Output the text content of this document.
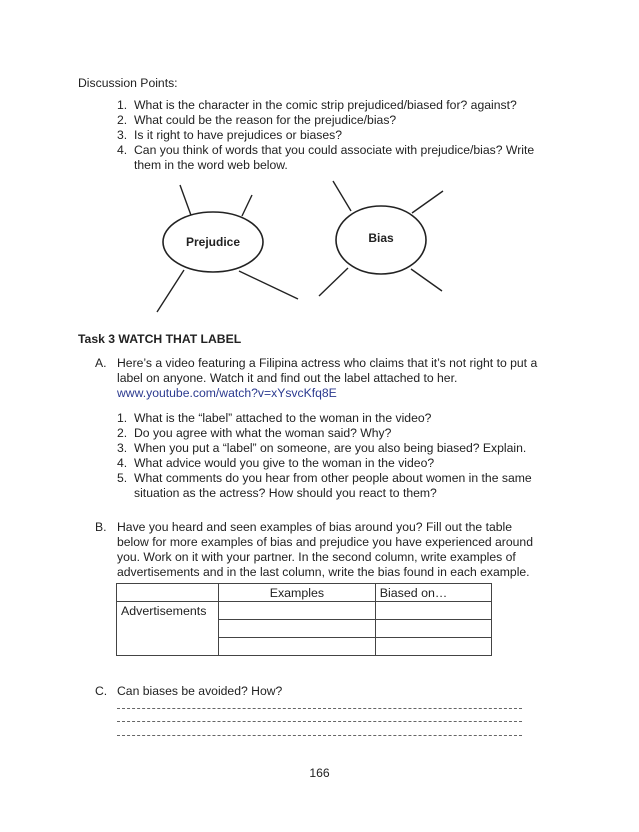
Discussion Points:
1. What is the character in the comic strip prejudiced/biased for? against?
2. What could be the reason for the prejudice/bias?
3. Is it right to have prejudices or biases?
4. Can you think of words that you could associate with prejudice/bias? Write
them in the word web below.
Prejudice	Bias
Task 3 WATCH THAT LABEL
A. Here’s a video featuring a Filipina actress who claims that it’s not right to put a
label on anyone. Watch it and find out the label attached to her.
www.youtube.com/watch?v=xYsvcKfq8E
1. What is the “label” attached to the woman in the video?
2. Do you agree with what the woman said? Why?
3. When you put a “label” on someone, are you also being biased? Explain.
4. What advice would you give to the woman in the video?
5. What comments do you hear from other people about women in the same
situation as the actress? How should you react to them?
B. Have you heard and seen examples of bias around you? Fill out the table
below for more examples of bias and prejudice you have experienced around
you. Work on it with your partner. In the second column, write examples of
advertisements and in the last column, write the bias found in each example.
	Examples	Biased on…
Advertisements		

C. Can biases be avoided? How?
166
